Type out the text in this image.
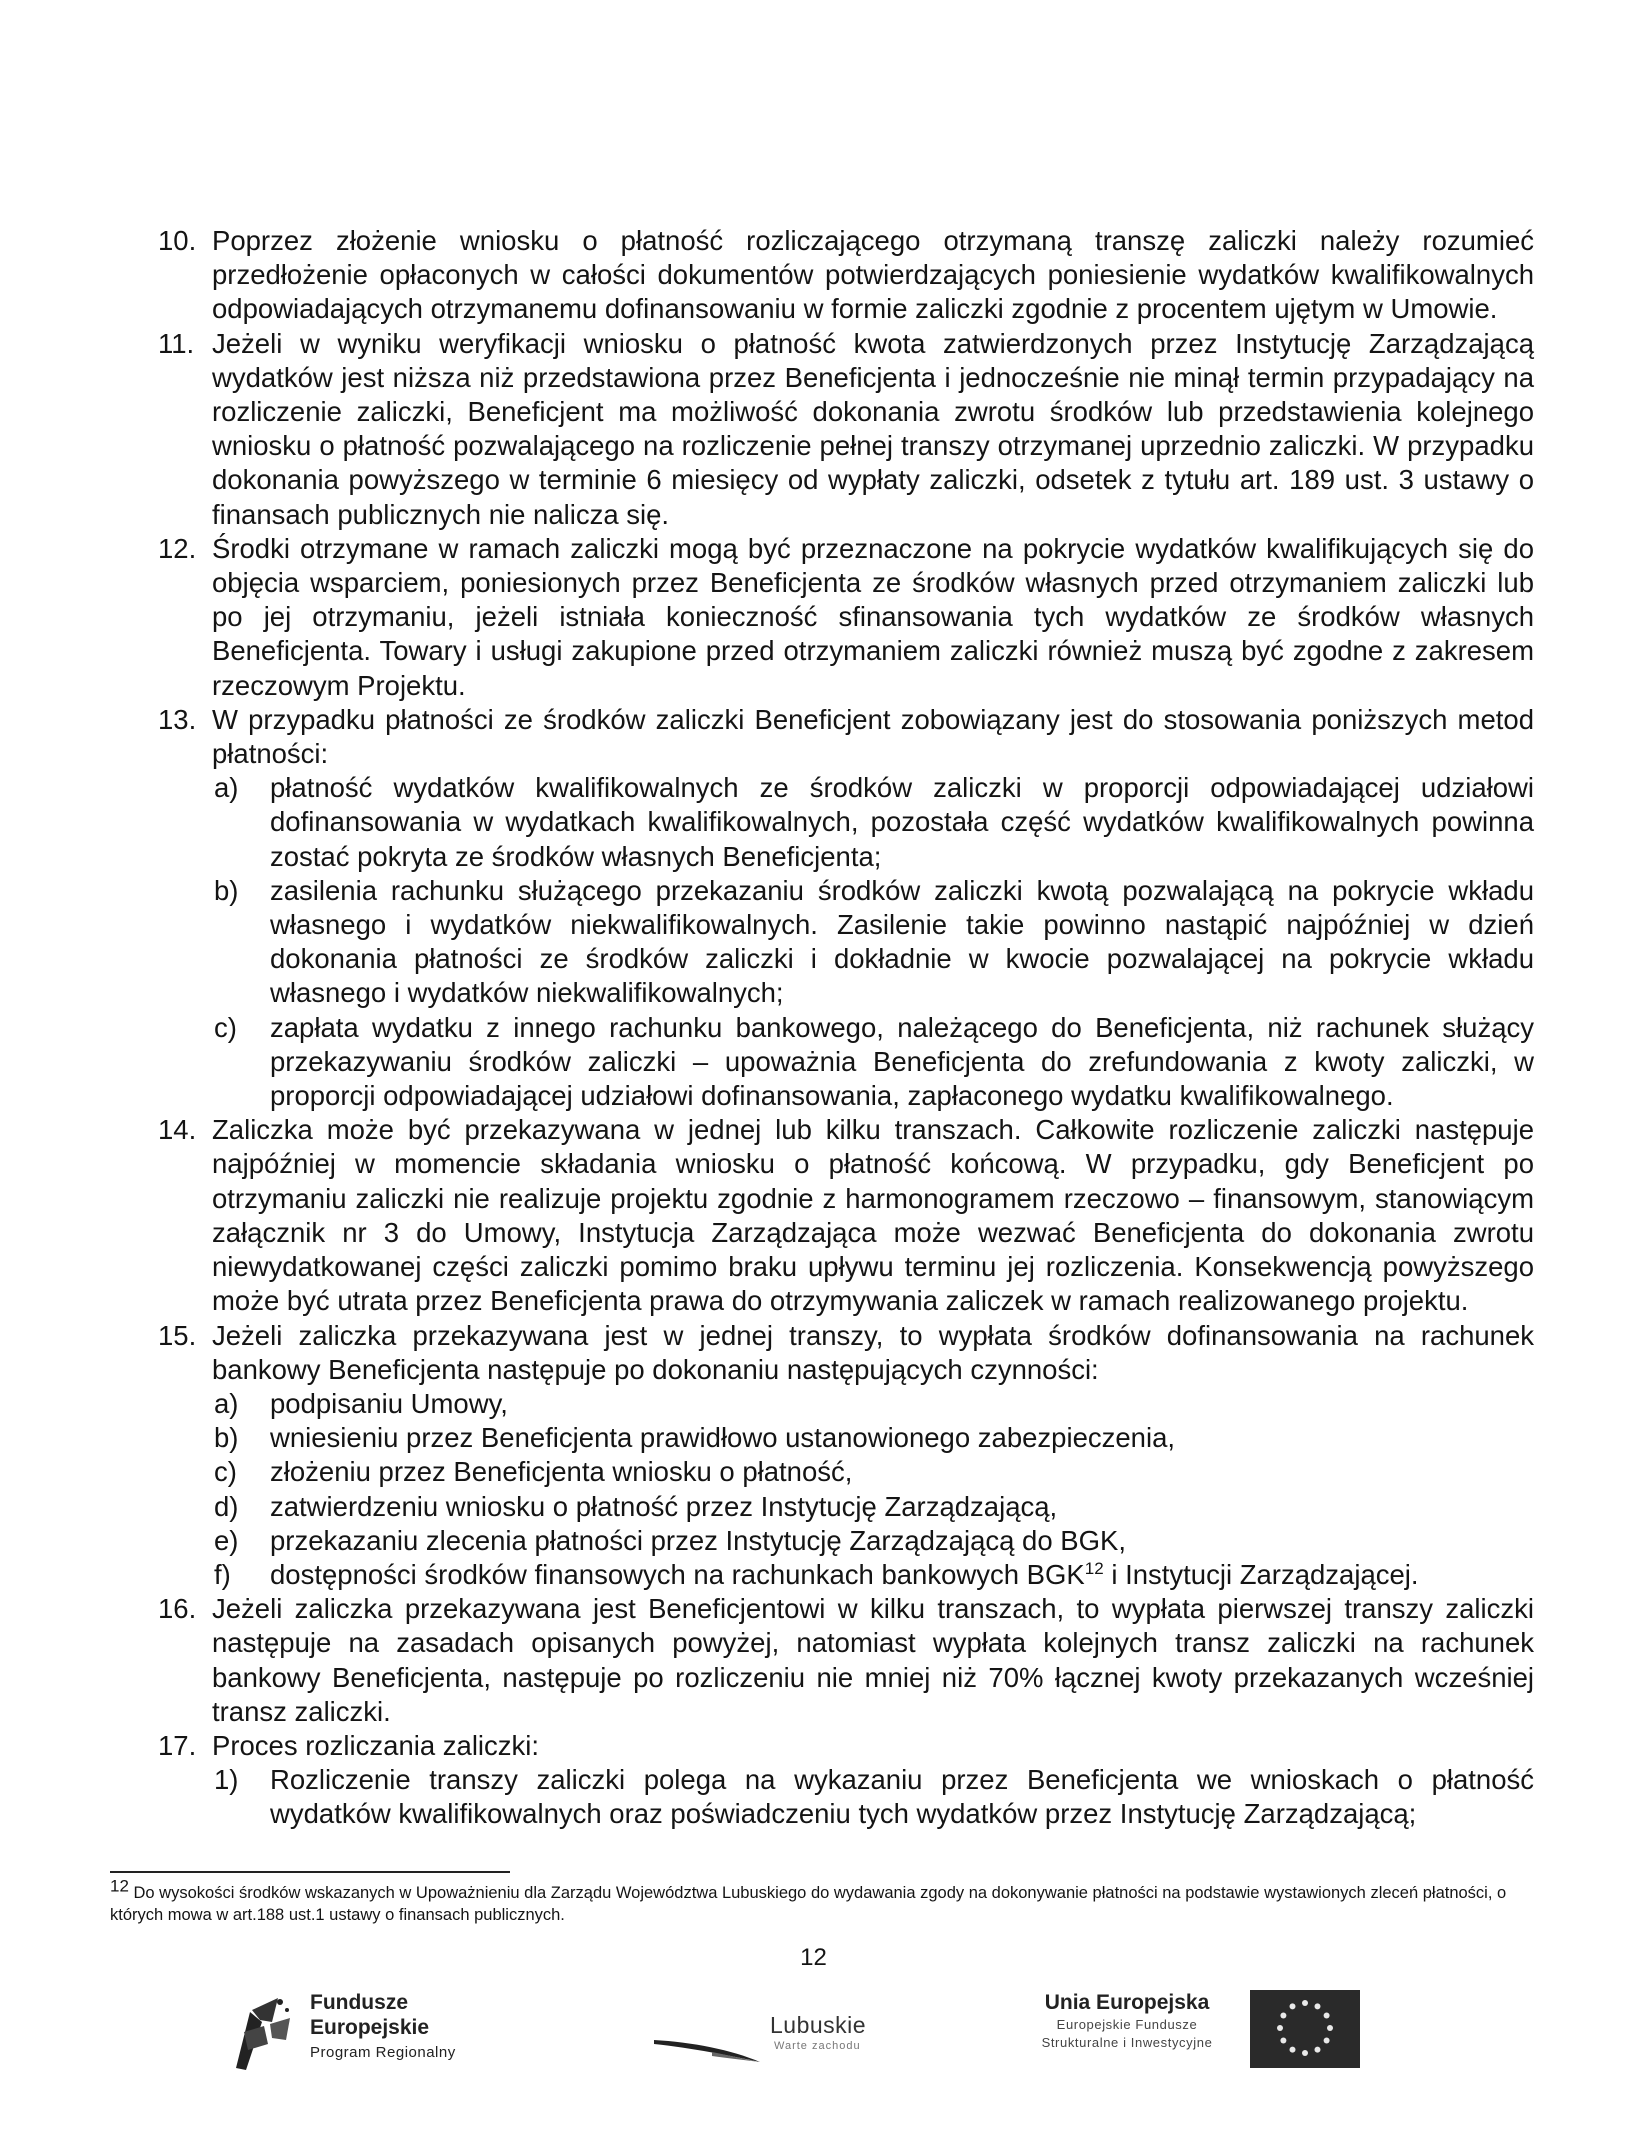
10. Poprzez złożenie wniosku o płatność rozliczającego otrzymaną transzę zaliczki należy rozumieć przedłożenie opłaconych w całości dokumentów potwierdzających poniesienie wydatków kwalifikowalnych odpowiadających otrzymanemu dofinansowaniu w formie zaliczki zgodnie z procentem ujętym w Umowie.
11. Jeżeli w wyniku weryfikacji wniosku o płatność kwota zatwierdzonych przez Instytucję Zarządzającą wydatków jest niższa niż przedstawiona przez Beneficjenta i jednocześnie nie minął termin przypadający na rozliczenie zaliczki, Beneficjent ma możliwość dokonania zwrotu środków lub przedstawienia kolejnego wniosku o płatność pozwalającego na rozliczenie pełnej transzy otrzymanej uprzednio zaliczki. W przypadku dokonania powyższego w terminie 6 miesięcy od wypłaty zaliczki, odsetek z tytułu art. 189 ust. 3 ustawy o finansach publicznych nie nalicza się.
12. Środki otrzymane w ramach zaliczki mogą być przeznaczone na pokrycie wydatków kwalifikujących się do objęcia wsparciem, poniesionych przez Beneficjenta ze środków własnych przed otrzymaniem zaliczki lub po jej otrzymaniu, jeżeli istniała konieczność sfinansowania tych wydatków ze środków własnych Beneficjenta. Towary i usługi zakupione przed otrzymaniem zaliczki również muszą być zgodne z zakresem rzeczowym Projektu.
13. W przypadku płatności ze środków zaliczki Beneficjent zobowiązany jest do stosowania poniższych metod płatności:
a)	płatność wydatków kwalifikowalnych ze środków zaliczki w proporcji odpowiadającej udziałowi dofinansowania w wydatkach kwalifikowalnych, pozostała część wydatków kwalifikowalnych powinna zostać pokryta ze środków własnych Beneficjenta;
b)	zasilenia rachunku służącego przekazaniu środków zaliczki kwotą pozwalającą na pokrycie wkładu własnego i wydatków niekwalifikowalnych. Zasilenie takie powinno nastąpić najpóźniej w dzień dokonania płatności ze środków zaliczki i dokładnie w kwocie pozwalającej na pokrycie wkładu własnego i wydatków niekwalifikowalnych;
c)	zapłata wydatku z innego rachunku bankowego, należącego do Beneficjenta, niż rachunek służący przekazywaniu środków zaliczki – upoważnia Beneficjenta do zrefundowania z kwoty zaliczki, w proporcji odpowiadającej udziałowi dofinansowania, zapłaconego wydatku kwalifikowalnego.
14. Zaliczka może być przekazywana w jednej lub kilku transzach. Całkowite rozliczenie zaliczki następuje najpóźniej w momencie składania wniosku o płatność końcową. W przypadku, gdy Beneficjent po otrzymaniu zaliczki nie realizuje projektu zgodnie z harmonogramem rzeczowo – finansowym, stanowiącym załącznik nr 3 do Umowy, Instytucja Zarządzająca może wezwać Beneficjenta do dokonania zwrotu niewydatkowanej części zaliczki pomimo braku upływu terminu jej rozliczenia. Konsekwencją powyższego może być utrata przez Beneficjenta prawa do otrzymywania zaliczek w ramach realizowanego projektu.
15. Jeżeli zaliczka przekazywana jest w jednej transzy, to wypłata środków dofinansowania na rachunek bankowy Beneficjenta następuje po dokonaniu następujących czynności:
a)	podpisaniu Umowy,
b)	wniesieniu przez Beneficjenta prawidłowo ustanowionego zabezpieczenia,
c)	złożeniu przez Beneficjenta wniosku o płatność,
d)	zatwierdzeniu wniosku o płatność przez Instytucję Zarządzającą,
e)	przekazaniu zlecenia płatności przez Instytucję Zarządzającą do BGK,
f)	dostępności środków finansowych na rachunkach bankowych BGK$^{12}$ i Instytucji Zarządzającej.
16. Jeżeli zaliczka przekazywana jest Beneficjentowi w kilku transzach, to wypłata pierwszej transzy zaliczki następuje na zasadach opisanych powyżej, natomiast wypłata kolejnych transz zaliczki na rachunek bankowy Beneficjenta, następuje po rozliczeniu nie mniej niż 70% łącznej kwoty przekazanych wcześniej transz zaliczki.
17. Proces rozliczania zaliczki:
1)	Rozliczenie transzy zaliczki polega na wykazaniu przez Beneficjenta we wnioskach o płatność wydatków kwalifikowalnych oraz poświadczeniu tych wydatków przez Instytucję Zarządzającą;
$^{12}$ Do wysokości środków wskazanych w Upoważnieniu dla Zarządu Województwa Lubuskiego do wydawania zgody na dokonywanie płatności na podstawie wystawionych zleceń płatności, o których mowa w art.188 ust.1 ustawy o finansach publicznych.
12
Fundusze
Europejskie
Program Regionalny
Lubuskie
Warte zachodu
Unia Europejska
Europejskie Fundusze
Strukturalne i Inwestycyjne
